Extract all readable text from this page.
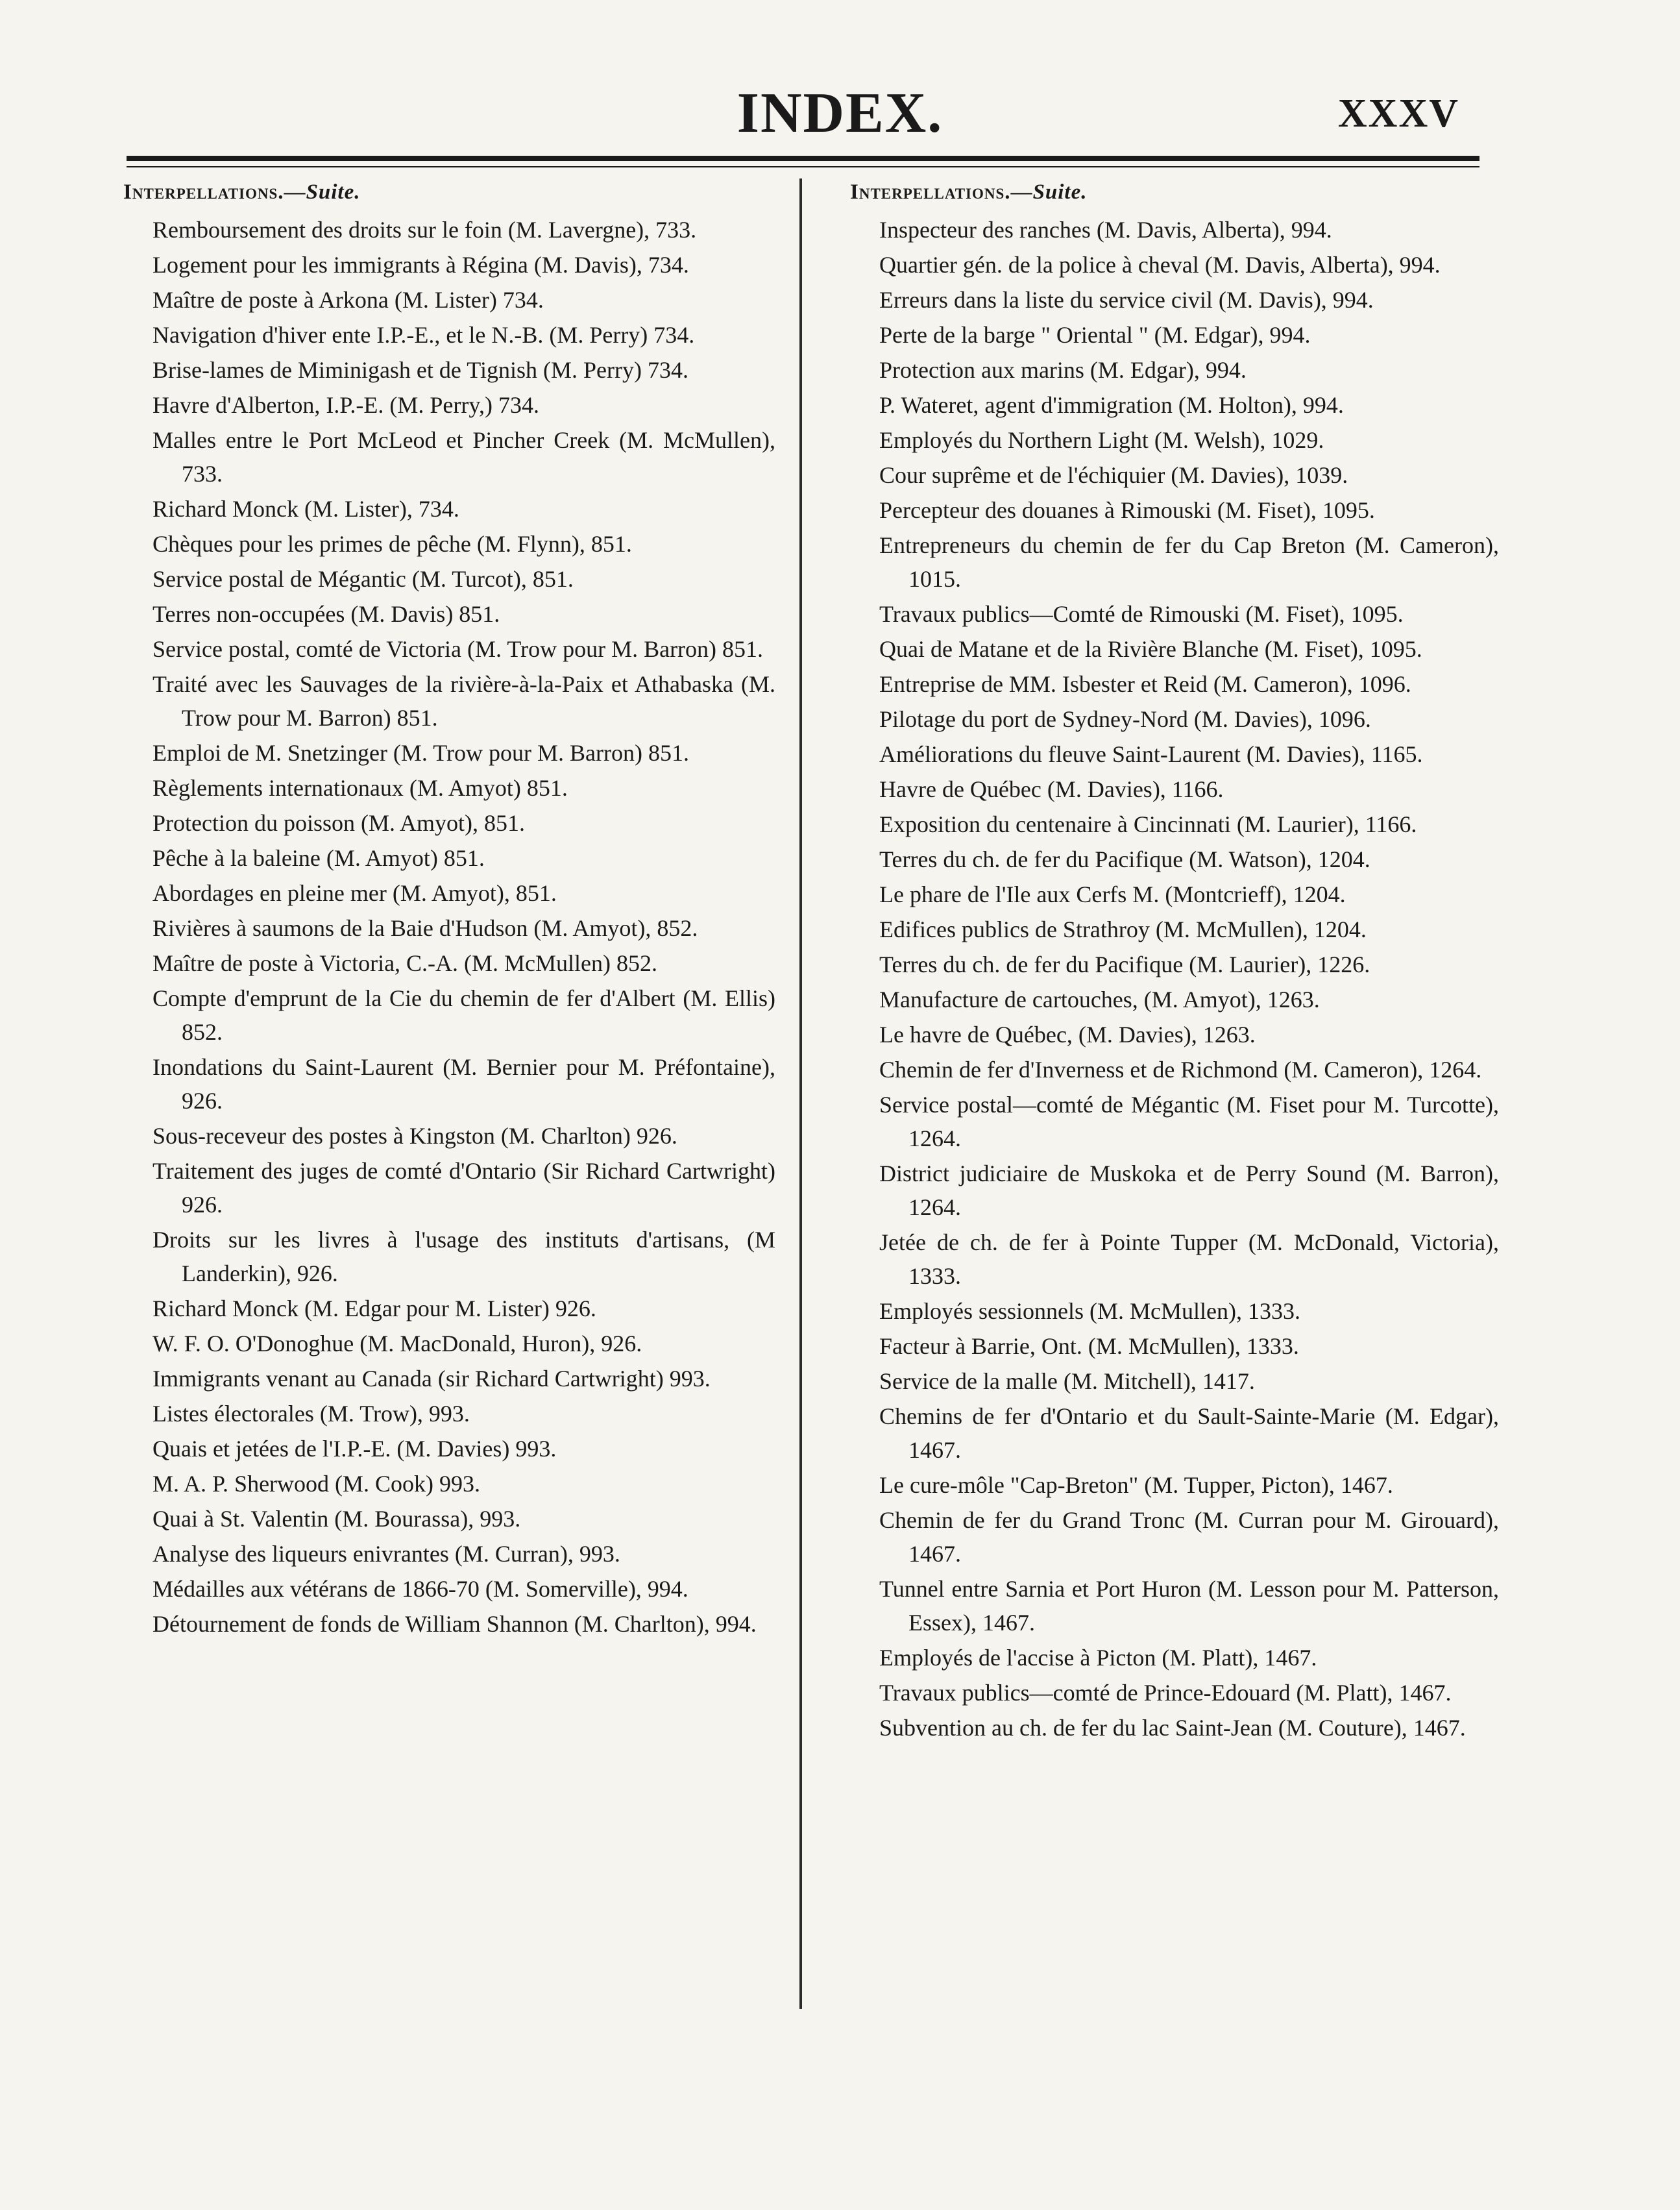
INDEX.	XXXV
Interpellations.—Suite.

Remboursement des droits sur le foin (M. Lavergne), 733.

Logement pour les immigrants à Régina (M. Davis), 734.

Maître de poste à Arkona (M. Lister) 734.

Navigation d'hiver ente I.P.-E., et le N.-B. (M. Perry) 734.

Brise-lames de Miminigash et de Tignish (M. Perry) 734.

Havre d'Alberton, I.P.-E. (M. Perry,) 734.

Malles entre le Port McLeod et Pincher Creek (M. McMullen), 733.

Richard Monck (M. Lister), 734.

Chèques pour les primes de pêche (M. Flynn), 851.

Service postal de Mégantic (M. Turcot), 851.

Terres non-occupées (M. Davis) 851.

Service postal, comté de Victoria (M. Trow pour M. Barron) 851.

Traité avec les Sauvages de la rivière-à-la-Paix et Athabaska (M. Trow pour M. Barron) 851.

Emploi de M. Snetzinger (M. Trow pour M. Barron) 851.

Règlements internationaux (M. Amyot) 851.

Protection du poisson (M. Amyot), 851.

Pêche à la baleine (M. Amyot) 851.

Abordages en pleine mer (M. Amyot), 851.

Rivières à saumons de la Baie d'Hudson (M. Amyot), 852.

Maître de poste à Victoria, C.-A. (M. McMullen) 852.

Compte d'emprunt de la Cie du chemin de fer d'Albert (M. Ellis) 852.

Inondations du Saint-Laurent (M. Bernier pour M. Préfontaine), 926.

Sous-receveur des postes à Kingston (M. Charlton) 926.

Traitement des juges de comté d'Ontario (Sir Richard Cartwright) 926.

Droits sur les livres à l'usage des instituts d'artisans, (M Landerkin), 926.

Richard Monck (M. Edgar pour M. Lister) 926.

W. F. O. O'Donoghue (M. MacDonald, Huron), 926.

Immigrants venant au Canada (sir Richard Cartwright) 993.

Listes électorales (M. Trow), 993.

Quais et jetées de l'I.P.-E. (M. Davies) 993.

M. A. P. Sherwood (M. Cook) 993.

Quai à St. Valentin (M. Bourassa), 993.

Analyse des liqueurs enivrantes (M. Curran), 993.

Médailles aux vétérans de 1866-70 (M. Somerville), 994.

Détournement de fonds de William Shannon (M. Charlton), 994.

Interpellations.—Suite.

Inspecteur des ranches (M. Davis, Alberta), 994.

Quartier gén. de la police à cheval (M. Davis, Alberta), 994.

Erreurs dans la liste du service civil (M. Davis), 994.

Perte de la barge " Oriental " (M. Edgar), 994.

Protection aux marins (M. Edgar), 994.

P. Wateret, agent d'immigration (M. Holton), 994.

Employés du Northern Light (M. Welsh), 1029.

Cour suprême et de l'échiquier (M. Davies), 1039.

Percepteur des douanes à Rimouski (M. Fiset), 1095.

Entrepreneurs du chemin de fer du Cap Breton (M. Cameron), 1015.

Travaux publics—Comté de Rimouski (M. Fiset), 1095.

Quai de Matane et de la Rivière Blanche (M. Fiset), 1095.

Entreprise de MM. Isbester et Reid (M. Cameron), 1096.

Pilotage du port de Sydney-Nord (M. Davies), 1096.

Améliorations du fleuve Saint-Laurent (M. Davies), 1165.

Havre de Québec (M. Davies), 1166.

Exposition du centenaire à Cincinnati (M. Laurier), 1166.

Terres du ch. de fer du Pacifique (M. Watson), 1204.

Le phare de l'Ile aux Cerfs M. (Montcrieff), 1204.

Edifices publics de Strathroy (M. McMullen), 1204.

Terres du ch. de fer du Pacifique (M. Laurier), 1226.

Manufacture de cartouches, (M. Amyot), 1263.

Le havre de Québec, (M. Davies), 1263.

Chemin de fer d'Inverness et de Richmond (M. Cameron), 1264.

Service postal—comté de Mégantic (M. Fiset pour M. Turcotte), 1264.

District judiciaire de Muskoka et de Perry Sound (M. Barron), 1264.

Jetée de ch. de fer à Pointe Tupper (M. McDonald, Victoria), 1333.

Employés sessionnels (M. McMullen), 1333.

Facteur à Barrie, Ont. (M. McMullen), 1333.

Service de la malle (M. Mitchell), 1417.

Chemins de fer d'Ontario et du Sault-Sainte-Marie (M. Edgar), 1467.

Le cure-môle "Cap-Breton" (M. Tupper, Picton), 1467.

Chemin de fer du Grand Tronc (M. Curran pour M. Girouard), 1467.

Tunnel entre Sarnia et Port Huron (M. Lesson pour M. Patterson, Essex), 1467.

Employés de l'accise à Picton (M. Platt), 1467.

Travaux publics—comté de Prince-Edouard (M. Platt), 1467.

Subvention au ch. de fer du lac Saint-Jean (M. Couture), 1467.
